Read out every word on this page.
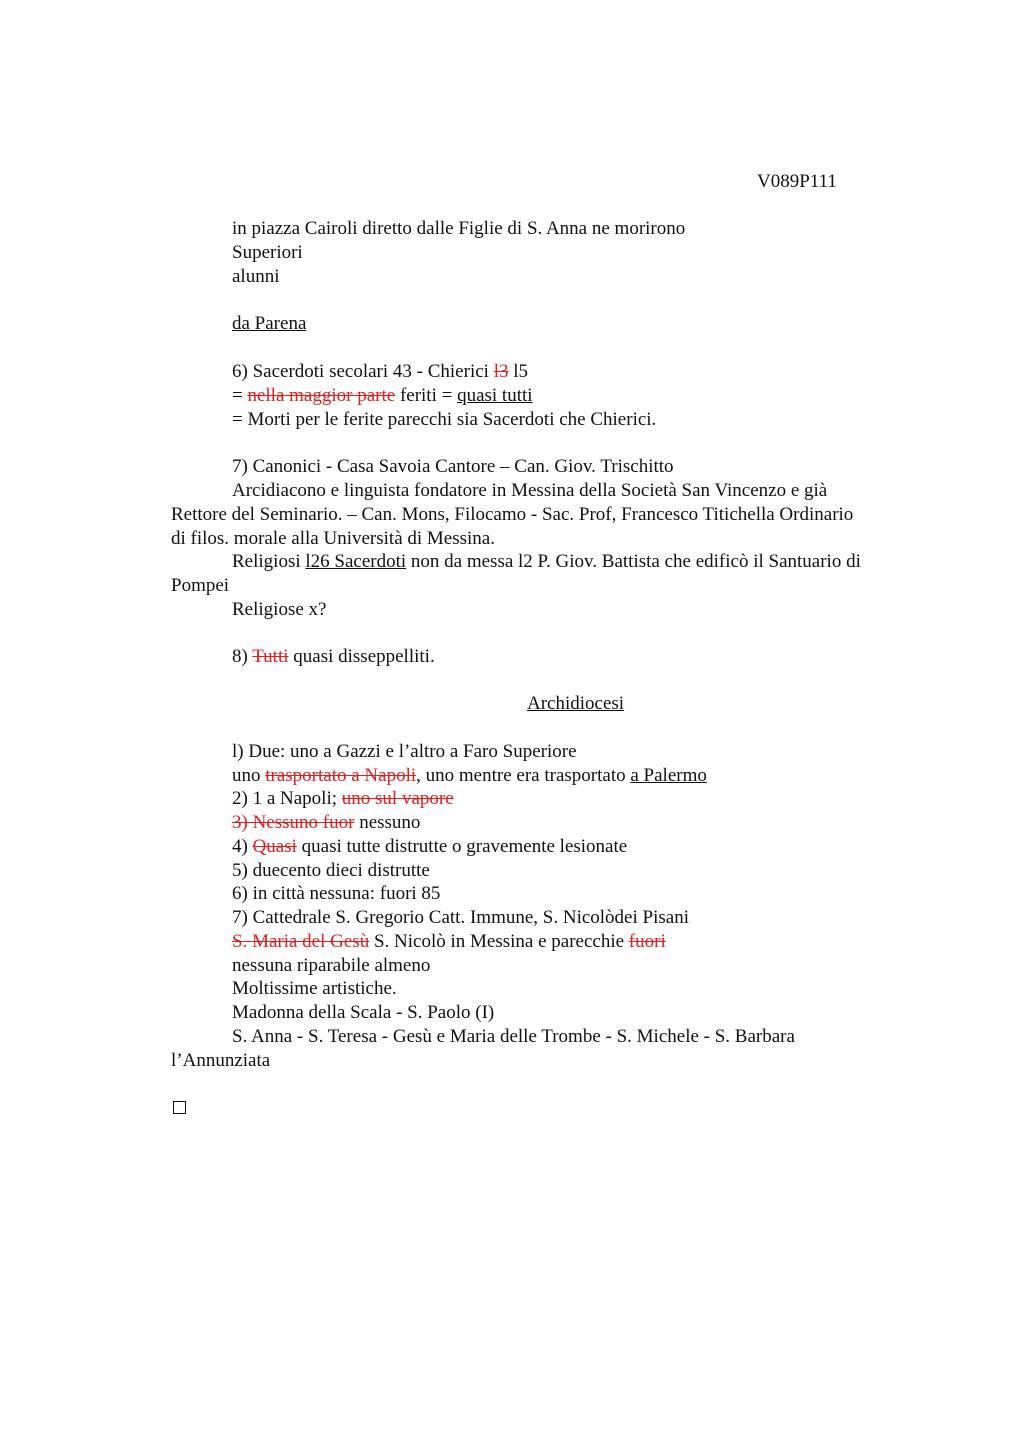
V089P111
in piazza Cairoli diretto dalle Figlie di S. Anna ne morirono
Superiori
alunni
da Parena
6) Sacerdoti secolari 43 - Chierici l3 l5
= nella maggior parte feriti = quasi tutti
= Morti per le ferite parecchi sia Sacerdoti che Chierici.
7) Canonici - Casa Savoia Cantore – Can. Giov. Trischitto
Arcidiacono e linguista fondatore in Messina della Società San Vincenzo e già
Rettore del Seminario. – Can. Mons, Filocamo - Sac. Prof, Francesco Titichella Ordinario
di filos. morale alla Università di Messina.
Religiosi l26 Sacerdoti non da messa l2 P. Giov. Battista che edificò il Santuario di
Pompei
Religiose x?
8) Tutti quasi disseppelliti.
Archidiocesi
l) Due: uno a Gazzi e l’altro a Faro Superiore
uno trasportato a Napoli, uno mentre era trasportato a Palermo
2) 1 a Napoli; uno sul vapore
3) Nessuno fuor nessuno
4) Quasi quasi tutte distrutte o gravemente lesionate
5) duecento dieci distrutte
6) in città nessuna: fuori 85
7) Cattedrale S. Gregorio Catt. Immune, S. Nicolòdei Pisani
S. Maria del Gesù S. Nicolò in Messina e parecchie fuori
nessuna riparabile almeno
Moltissime artistiche.
Madonna della Scala - S. Paolo (I)
S. Anna - S. Teresa - Gesù e Maria delle Trombe - S. Michele - S. Barbara
l’Annunziata
